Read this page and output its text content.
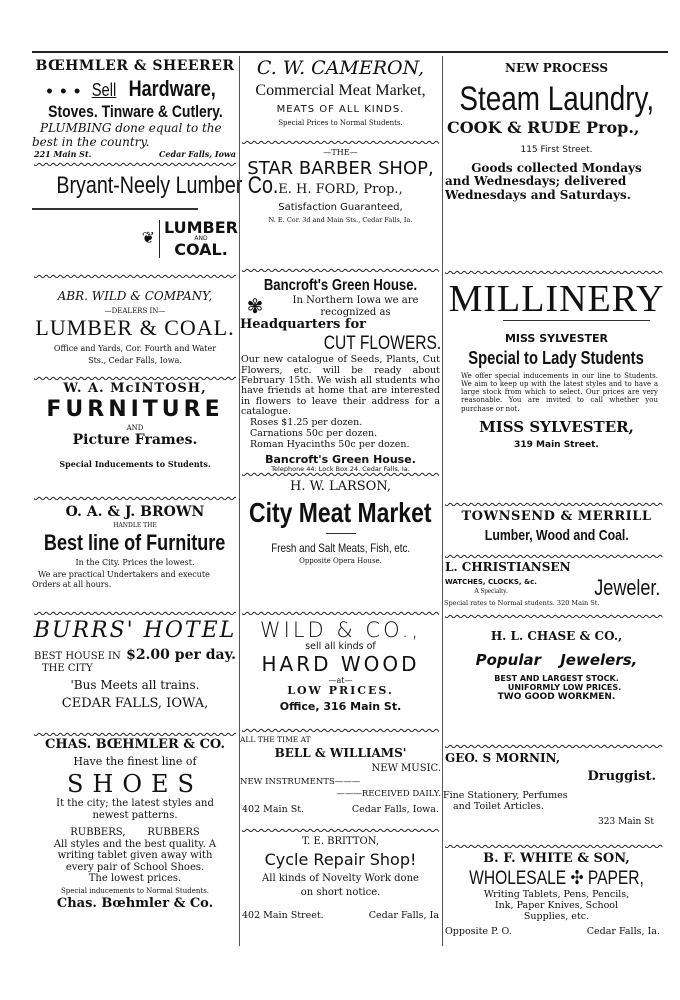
BŒHMLER & SHEERER
• • • Sell Hardware,
Stoves. Tinware & Cutlery.
PLUMBING done equal to the
best in the country.
221 Main St.	Cedar Falls, Iowa
Bryant-Neely Lumber Co.
❦
LUMBER
AND
COAL.
ABR. WILD & COMPANY,
—DEALERS IN—
LUMBER & COAL.
Office and Yards, Cor. Fourth and Water
Sts., Cedar Falls, Iowa.
W. A. McINTOSH,
FURNITURE
AND
Picture Frames.
Special Inducements to Students.
O. A. & J. BROWN
HANDLE THE
Best line of Furniture
In the City. Prices the lowest.
We are practical Undertakers and execute
Orders at all hours.
BURRS' HOTEL
BEST HOUSE IN $2.00 per day.
THE CITY
'Bus Meets all trains.
CEDAR FALLS, IOWA,
CHAS. BŒHMLER & CO.
Have the finest line of
SHOES
It the city; the latest styles and
newest patterns.
RUBBERS, RUBBERS
All styles and the best quality. A
writing tablet given away with
every pair of School Shoes.
The lowest prices.
Special inducements to Normal Students.
Chas. Bœhmler & Co.
C. W. CAMERON,
Commercial Meat Market,
MEATS OF ALL KINDS.
Special Prices to Normal Students.
—THE—
STAR BARBER SHOP,
E. H. FORD, Prop.,
Satisfaction Guaranteed,
N. E. Cor. 3d and Main Sts., Cedar Falls, Ia.
Bancroft's Green House.
✾	In Northern Iowa we are
recognized as
Headquarters for
CUT FLOWERS.
Our new catalogue of Seeds, Plants, Cut Flowers, etc. will be ready about February 15th. We wish all students who have friends at home that are interested in flowers to leave their address for a catalogue.
Roses $1.25 per dozen.
Carnations 50c per dozen.
Roman Hyacinths 50c per dozen.
Bancroft's Green House.
Telephone 44: Lock Box 24. Cedar Falls, Ia.
H. W. LARSON,
City Meat Market
Fresh and Salt Meats, Fish, etc.
Opposite Opera House.
WILD & CO.,
sell all kinds of
HARD WOOD
—at—
LOW PRICES.
Office, 316 Main St.
ALL THE TIME AT
BELL & WILLIAMS'
NEW MUSIC.
NEW INSTRUMENTS———
———RECEIVED DAILY.
402 Main St.	Cedar Falls, Iowa.
T. E. BRITTON,
Cycle Repair Shop!
All kinds of Novelty Work done
on short notice.
402 Main Street.	Cedar Falls, Ia
NEW PROCESS
Steam Laundry,
COOK & RUDE Prop.,
115 First Street.
Goods collected Mondays
and Wednesdays; delivered
Wednesdays and Saturdays.
MILLINERY
MISS SYLVESTER
Special to Lady Students
We offer special inducements in our line to Students. We aim to keep up with the latest styles and to have a large stock from which to select. Our prices are very reasonable. You are invited to call whether you purchase or not.
MISS SYLVESTER,
319 Main Street.
TOWNSEND & MERRILL
Lumber, Wood and Coal.
L. CHRISTIANSEN
WATCHES, CLOCKS, &c.
A Specialty.	Jeweler.
Special rates to Normal students. 320 Main St.
H. L. CHASE & CO.,
Popular Jewelers,
BEST AND LARGEST STOCK.
UNIFORMLY LOW PRICES.
TWO GOOD WORKMEN.
GEO. S MORNIN,
Druggist.
Fine Stationery, Perfumes
and Toilet Articles.
323 Main St
B. F. WHITE & SON,
WHOLESALE ✣ PAPER,
Writing Tablets, Pens, Pencils,
Ink, Paper Knives, School
Supplies, etc.
Opposite P. O.	Cedar Falls, Ia.
